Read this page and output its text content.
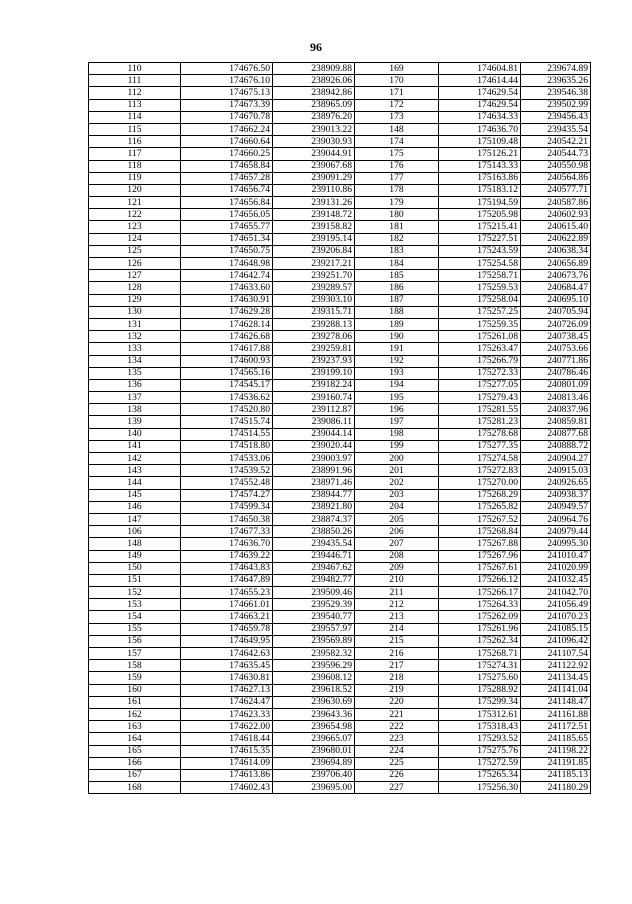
96
110	174676.50	238909.88	169	174604.81	239674.89
111	174676.10	238926.06	170	174614.44	239635.26
112	174675.13	238942.86	171	174629.54	239546.38
113	174673.39	238965.09	172	174629.54	239502.99
114	174670.78	238976.20	173	174634.33	239456.43
115	174662.24	239013.22	148	174636.70	239435.54
116	174660.64	239030.93	174	175109.48	240542.21
117	174660.25	239044.91	175	175126.21	240544.73
118	174658.84	239067.68	176	175143.33	240550.98
119	174657.28	239091.29	177	175163.86	240564.86
120	174656.74	239110.86	178	175183.12	240577.71
121	174656.84	239131.26	179	175194.59	240587.86
122	174656.05	239148.72	180	175205.98	240602.93
123	174655.77	239158.82	181	175215.41	240615.40
124	174651.34	239195.14	182	175227.51	240622.89
125	174650.75	239206.84	183	175243.59	240638.34
126	174648.98	239217.21	184	175254.58	240656.89
127	174642.74	239251.70	185	175258.71	240673.76
128	174633.60	239289.57	186	175259.53	240684.47
129	174630.91	239303.10	187	175258.04	240695.10
130	174629.28	239315.71	188	175257.25	240705.94
131	174628.14	239288.13	189	175259.35	240726.09
132	174626.68	239278.06	190	175261.08	240738.45
133	174617.88	239259.81	191	175263.47	240753.66
134	174600.93	239237.93	192	175266.79	240771.86
135	174565.16	239199.10	193	175272.33	240786.46
136	174545.17	239182.24	194	175277.05	240801.09
137	174536.62	239160.74	195	175279.43	240813.46
138	174520.80	239112.87	196	175281.55	240837.96
139	174515.74	239086.11	197	175281.23	240859.81
140	174514.55	239044.14	198	175278.68	240877.68
141	174518.80	239020.44	199	175277.35	240888.72
142	174533.06	239003.97	200	175274.58	240904.27
143	174539.52	238991.96	201	175272.83	240915.03
144	174552.48	238971.46	202	175270.00	240926.65
145	174574.27	238944.77	203	175268.29	240938.37
146	174599.34	238921.80	204	175265.82	240949.57
147	174650.38	238874.37	205	175267.52	240964.76
106	174677.33	238850.26	206	175268.84	240979.44
148	174636.70	239435.54	207	175267.88	240995.30
149	174639.22	239446.71	208	175267.96	241010.47
150	174643.83	239467.62	209	175267.61	241020.99
151	174647.89	239482.77	210	175266.12	241032.45
152	174655.23	239509.46	211	175266.17	241042.70
153	174661.01	239529.39	212	175264.33	241056.49
154	174663.21	239540.77	213	175262.09	241070.23
155	174659.78	239557.97	214	175261.96	241085.15
156	174649.95	239569.89	215	175262.34	241096.42
157	174642.63	239582.32	216	175268.71	241107.54
158	174635.45	239596.29	217	175274.31	241122.92
159	174630.81	239608.12	218	175275.60	241134.45
160	174627.13	239618.52	219	175288.92	241141.04
161	174624.47	239630.69	220	175299.34	241148.47
162	174623.33	239643.36	221	175312.61	241161.88
163	174622.00	239654.98	222	175318.43	241172.51
164	174618.44	239665.07	223	175293.52	241185.65
165	174615.35	239680.01	224	175275.76	241198.22
166	174614.09	239694.89	225	175272.59	241191.85
167	174613.86	239706.40	226	175265.34	241185.13
168	174602.43	239695.00	227	175256.30	241180.29
